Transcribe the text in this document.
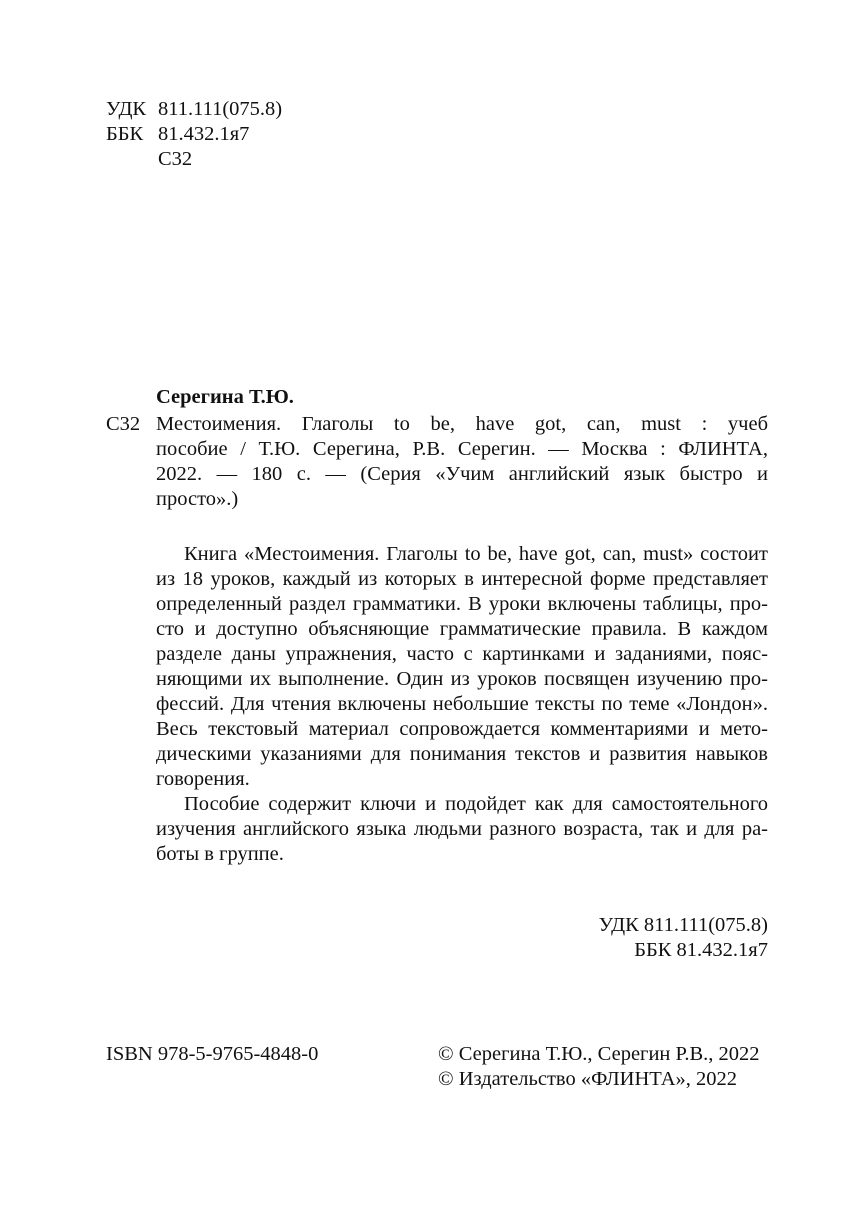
УДК 811.111(075.8)
ББК 81.432.1я7
С32
Серегина Т.Ю.
С32 Местоимения. Глаголы to be, have got, can, must : учеб
пособие / Т.Ю. Серегина, Р.В. Серегин. — Москва : ФЛИНТА,
2022. — 180 с. — (Серия «Учим английский язык быстро и
просто».)
Книга «Местоимения. Глаголы to be, have got, can, must» состоит
из 18 уроков, каждый из которых в интересной форме представляет
определенный раздел грамматики. В уроки включены таблицы, про-
сто и доступно объясняющие грамматические правила. В каждом
разделе даны упражнения, часто с картинками и заданиями, пояс-
няющими их выполнение. Один из уроков посвящен изучению про-
фессий. Для чтения включены небольшие тексты по теме «Лондон».
Весь текстовый материал сопровождается комментариями и мето-
дическими указаниями для понимания текстов и развития навыков
говорения.
Пособие содержит ключи и подойдет как для самостоятельного
изучения английского языка людьми разного возраста, так и для ра-
боты в группе.
УДК 811.111(075.8)
ББК 81.432.1я7
ISBN 978-5-9765-4848-0	© Серегина Т.Ю., Серегин Р.В., 2022
© Издательство «ФЛИНТА», 2022
